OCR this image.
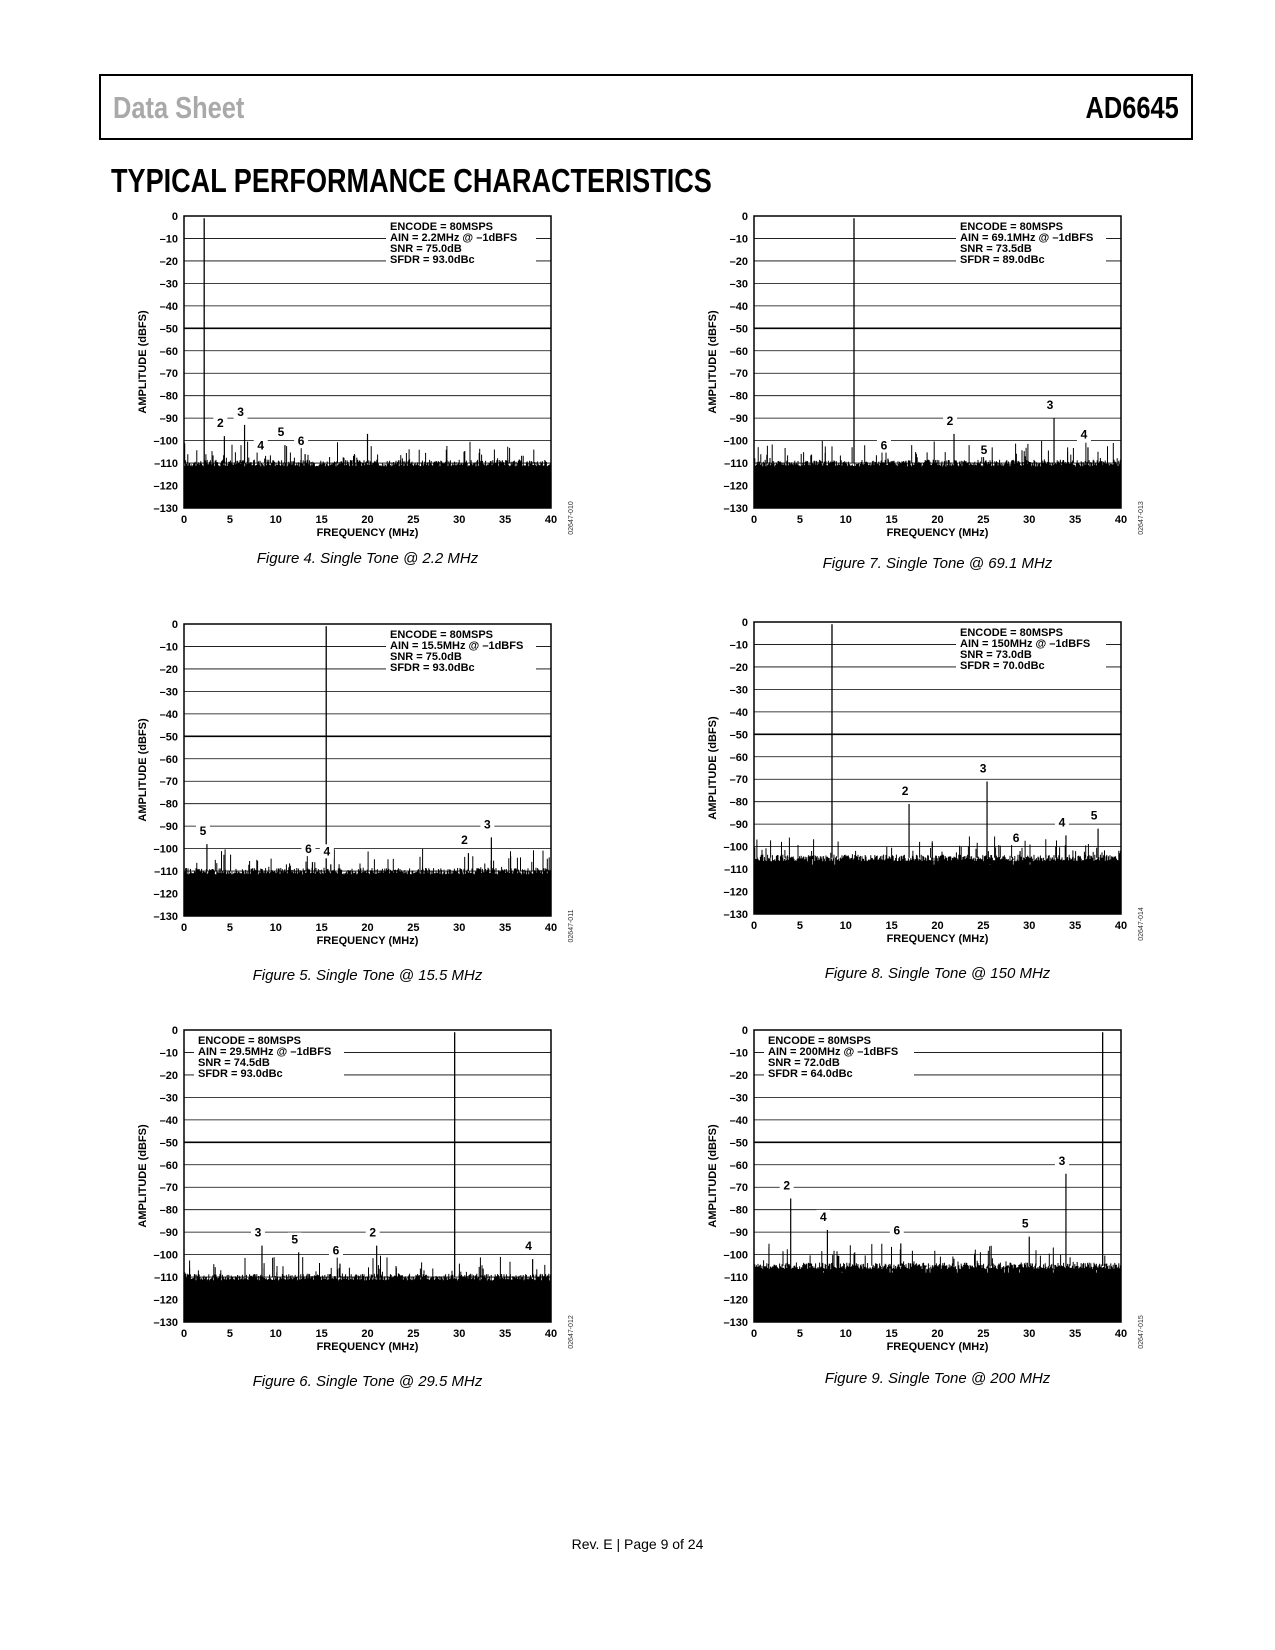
Data Sheet	AD6645
TYPICAL PERFORMANCE CHARACTERISTICS
0
–10
–20
–30
–40
–50
–60
–70
–80
–90
–100
–110
–120
–130
0	5	10	15	20	25	30	35	40
2
3
4
5
6
ENCODE = 80MSPS
AIN = 2.2MHz @ –1dBFS
SNR = 75.0dB
SFDR = 93.0dBc
AMPLITUDE (dBFS)
FREQUENCY (MHz)	02647-010
Figure 4. Single Tone @ 2.2 MHz
0
–10
–20
–30
–40
–50
–60
–70
–80
–90
–100
–110
–120
–130
0	5	10	15	20	25	30	35	40
2
3
4
5
6
ENCODE = 80MSPS
AIN = 69.1MHz @ –1dBFS
SNR = 73.5dB
SFDR = 89.0dBc
AMPLITUDE (dBFS)
FREQUENCY (MHz)	02647-013
Figure 7. Single Tone @ 69.1 MHz
0
–10
–20
–30
–40
–50
–60
–70
–80
–90
–100
–110
–120
–130
0	5	10	15	20	25	30	35	40
2
3
4
5
6
ENCODE = 80MSPS
AIN = 15.5MHz @ –1dBFS
SNR = 75.0dB
SFDR = 93.0dBc
AMPLITUDE (dBFS)
FREQUENCY (MHz)	02647-011
Figure 5. Single Tone @ 15.5 MHz
0
–10
–20
–30
–40
–50
–60
–70
–80
–90
–100
–110
–120
–130
0	5	10	15	20	25	30	35	40
2
3
4 5
6
ENCODE = 80MSPS
AIN = 150MHz @ –1dBFS
SNR = 73.0dB
SFDR = 70.0dBc
AMPLITUDE (dBFS)
FREQUENCY (MHz)	02647-014
Figure 8. Single Tone @ 150 MHz
0
–10
–20
–30
–40
–50
–60
–70
–80
–90
–100
–110
–120
–130
0	5	10	15	20	25	30	35	40
2
3
4
5
6
ENCODE = 80MSPS
AIN = 29.5MHz @ –1dBFS
SNR = 74.5dB
SFDR = 93.0dBc
AMPLITUDE (dBFS)
FREQUENCY (MHz)	02647-012
Figure 6. Single Tone @ 29.5 MHz
0
–10
–20
–30
–40
–50
–60
–70
–80
–90
–100
–110
–120
–130
0	5	10	15	20	25	30	35	40
2
3
4	5
6
ENCODE = 80MSPS
AIN = 200MHz @ –1dBFS
SNR = 72.0dB
SFDR = 64.0dBc
AMPLITUDE (dBFS)
FREQUENCY (MHz)	02647-015
Figure 9. Single Tone @ 200 MHz
Rev. E | Page 9 of 24
